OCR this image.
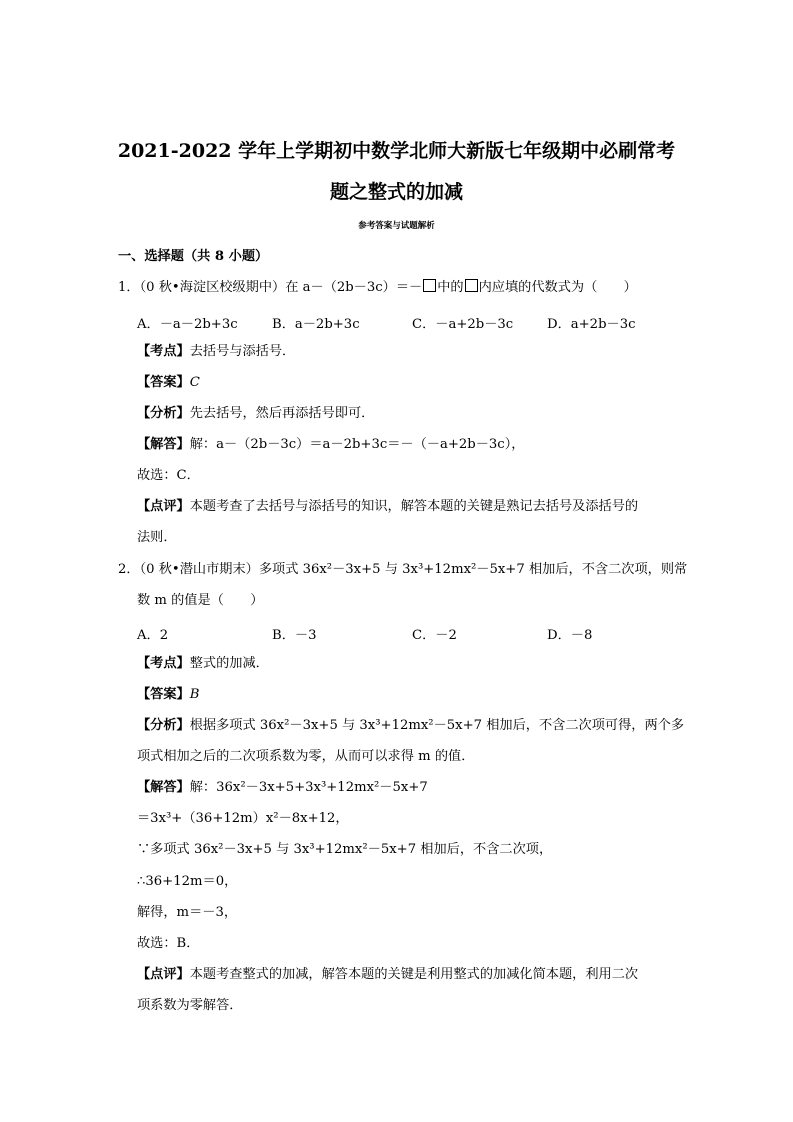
2021-2022 学年上学期初中数学北师大新版七年级期中必刷常考
题之整式的加减
参考答案与试题解析
一、选择题（共 8 小题）
1．（0 秋•海淀区校级期中）在 a－（2b－3c）＝－ 中的 内应填的代数式为（　　）
A．－a－2b+3c	B．a－2b+3c	C．－a+2b－3c	D．a+2b－3c
【考点】去括号与添括号．
【答案】C
【分析】先去括号，然后再添括号即可．
【解答】解：a－（2b－3c）＝a－2b+3c＝－（－a+2b－3c），
故选：C．
【点评】本题考查了去括号与添括号的知识，解答本题的关键是熟记去括号及添括号的
法则．
2．（0 秋•潜山市期末）多项式 36x²－3x+5 与 3x³+12mx²－5x+7 相加后，不含二次项，则常
数 m 的值是（　　）
A．2	B．－3	C．－2	D．－8
【考点】整式的加减．
【答案】B
【分析】根据多项式 36x²－3x+5 与 3x³+12mx²－5x+7 相加后，不含二次项可得，两个多
项式相加之后的二次项系数为零，从而可以求得 m 的值．
【解答】解：36x²－3x+5+3x³+12mx²－5x+7
＝3x³+（36+12m）x²－8x+12，
∵多项式 36x²－3x+5 与 3x³+12mx²－5x+7 相加后，不含二次项，
∴36+12m＝0，
解得，m＝－3，
故选：B．
【点评】本题考查整式的加减，解答本题的关键是利用整式的加减化简本题，利用二次
项系数为零解答．
